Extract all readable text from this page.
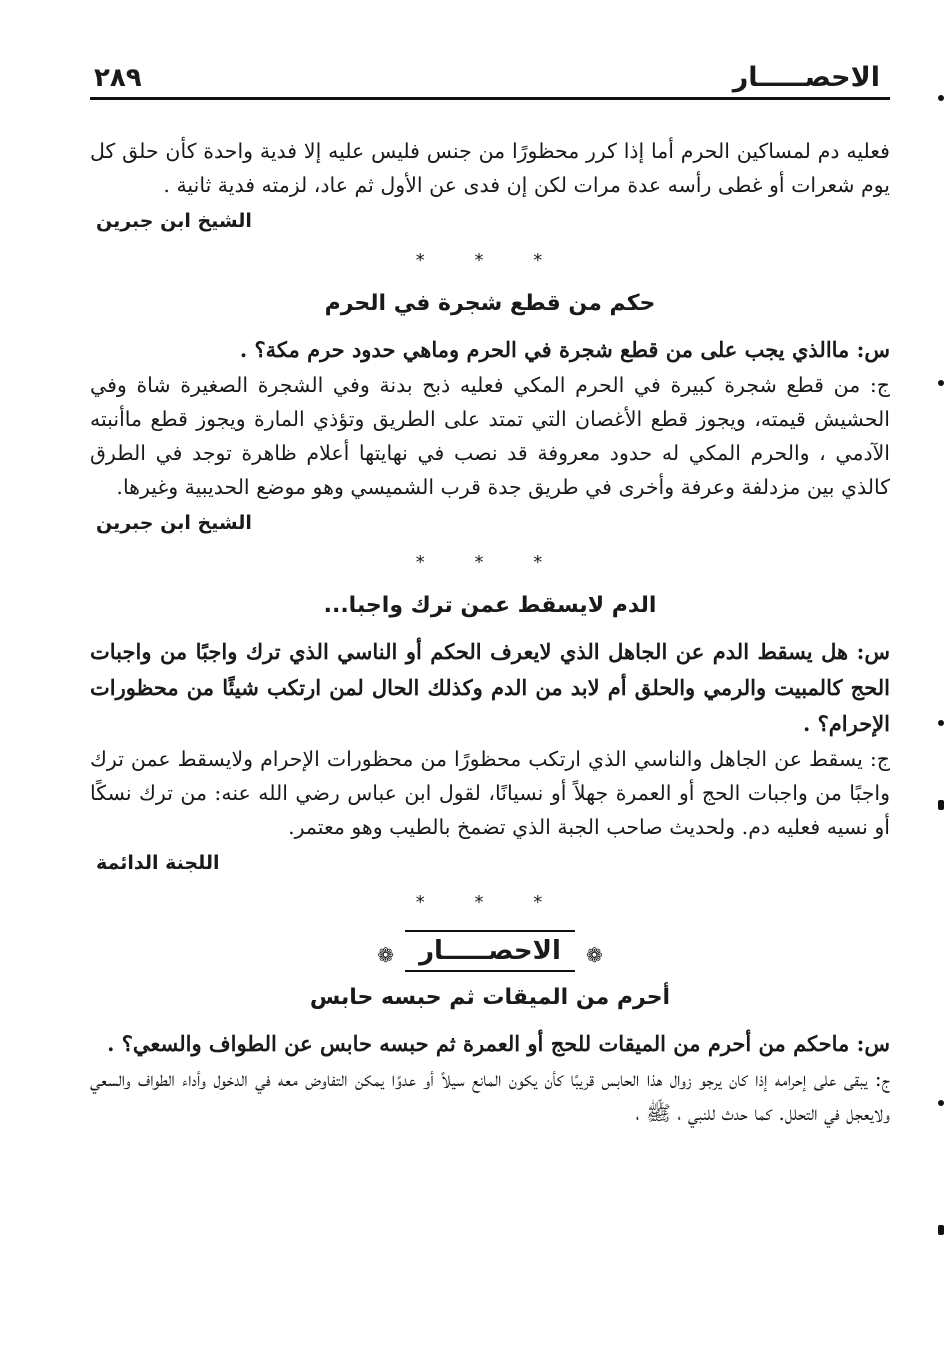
الاحصـــــار
٢٨٩

فعليه دم لمساكين الحرم أما إذا كرر محظورًا من جنس فليس عليه إلا فدية واحدة كأن حلق كل يوم شعرات أو غطى رأسه عدة مرات لكن إن فدى عن الأول ثم عاد، لزمته فدية ثانية .

الشيخ ابن جبرين
* * *
حكم من قطع شجرة في الحرم

س: ماالذي يجب على من قطع شجرة في الحرم وماهي حدود حرم مكة؟ .

ج: من قطع شجرة كبيرة في الحرم المكي فعليه ذبح بدنة وفي الشجرة الصغيرة شاة وفي الحشيش قيمته، ويجوز قطع الأغصان التي تمتد على الطريق وتؤذي المارة ويجوز قطع ماأنبته الآدمي ، والحرم المكي له حدود معروفة قد نصب في نهايتها أعلام ظاهرة توجد في الطرق كالذي بين مزدلفة وعرفة وأخرى في طريق جدة قرب الشميسي وهو موضع الحديبية وغيرها.

الشيخ ابن جبرين
* * *
الدم لايسقط عمن ترك واجبا...

س: هل يسقط الدم عن الجاهل الذي لايعرف الحكم أو الناسي الذي ترك واجبًا من واجبات الحج كالمبيت والرمي والحلق أم لابد من الدم وكذلك الحال لمن ارتكب شيئًا من محظورات الإحرام؟ .

ج: يسقط عن الجاهل والناسي الذي ارتكب محظورًا من محظورات الإحرام ولايسقط عمن ترك واجبًا من واجبات الحج أو العمرة جهلاً أو نسيانًا، لقول ابن عباس رضي الله عنه: من ترك نسكًا أو نسيه فعليه دم. ولحديث صاحب الجبة الذي تضمخ بالطيب وهو معتمر.

اللجنة الدائمة
* * *
❁ الاحصـــــار ❁
أحرم من الميقات ثم حبسه حابس

س: ماحكم من أحرم من الميقات للحج أو العمرة ثم حبسه حابس عن الطواف والسعي؟ .

ج: يبقى على إحرامه إذا كان يرجو زوال هذا الحابس قريبًا كأن يكون المانع سيلاً أو عدوًا يمكن التفاوض معه في الدخول وأداء الطواف والسعي ولايعجل في التحلل. كما حدث للنبي ، ﷺ ،
